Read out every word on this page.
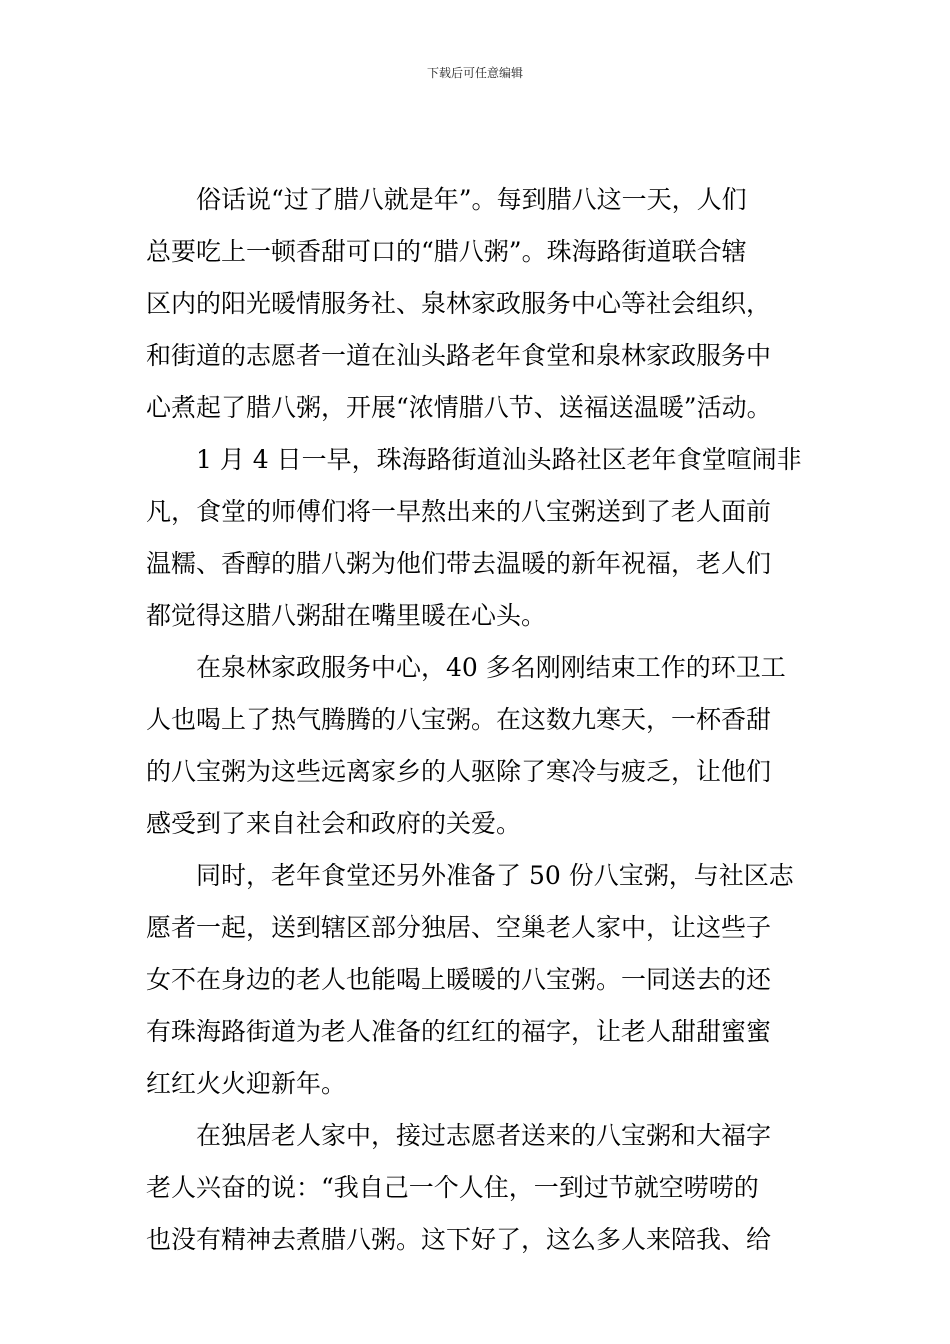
下载后可任意编辑
俗话说“过了腊八就是年”。每到腊八这一天，人们
总要吃上一顿香甜可口的“腊八粥”。珠海路街道联合辖
区内的阳光暖情服务社、泉林家政服务中心等社会组织，
和街道的志愿者一道在汕头路老年食堂和泉林家政服务中
心煮起了腊八粥，开展“浓情腊八节、送福送温暖”活动。
1 月 4 日一早，珠海路街道汕头路社区老年食堂喧闹非
凡，食堂的师傅们将一早熬出来的八宝粥送到了老人面前
温糯、香醇的腊八粥为他们带去温暖的新年祝福，老人们
都觉得这腊八粥甜在嘴里暖在心头。
在泉林家政服务中心，40 多名刚刚结束工作的环卫工
人也喝上了热气腾腾的八宝粥。在这数九寒天，一杯香甜
的八宝粥为这些远离家乡的人驱除了寒冷与疲乏，让他们
感受到了来自社会和政府的关爱。
同时，老年食堂还另外准备了 50 份八宝粥，与社区志
愿者一起，送到辖区部分独居、空巢老人家中，让这些子
女不在身边的老人也能喝上暖暖的八宝粥。一同送去的还
有珠海路街道为老人准备的红红的福字，让老人甜甜蜜蜜
红红火火迎新年。
在独居老人家中，接过志愿者送来的八宝粥和大福字
老人兴奋的说：“我自己一个人住，一到过节就空唠唠的
也没有精神去煮腊八粥。这下好了，这么多人来陪我、给
